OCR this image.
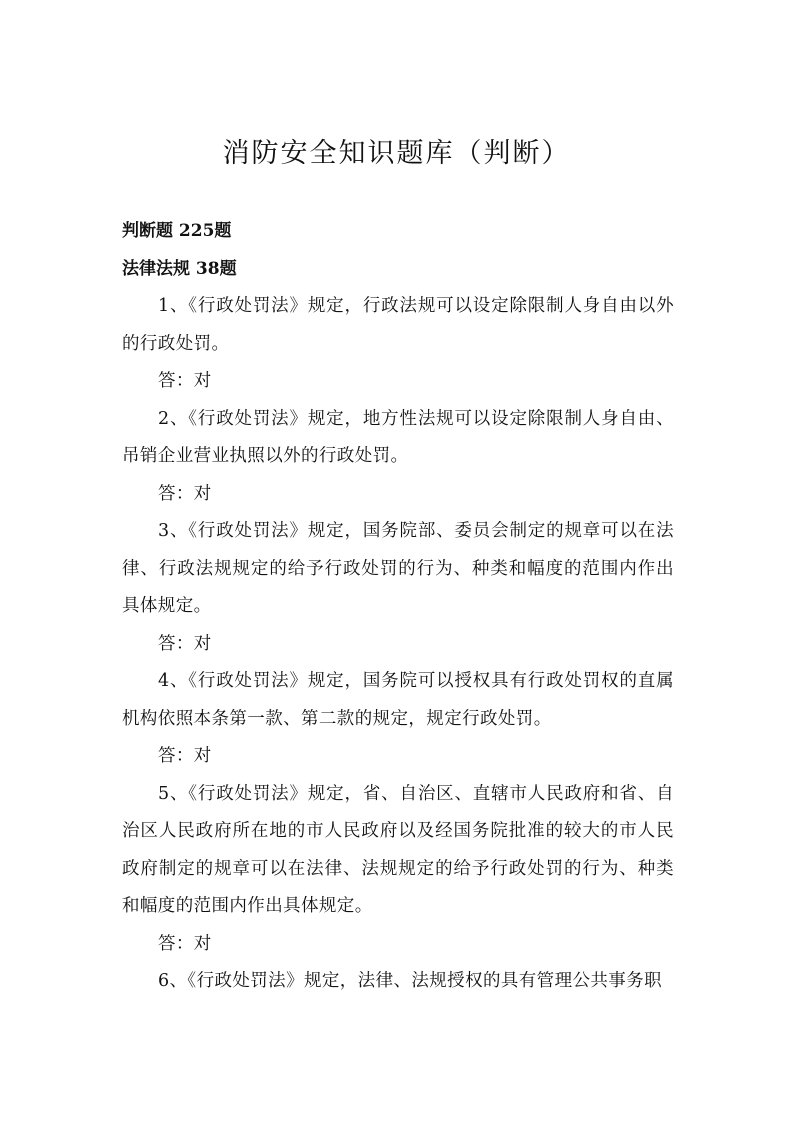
消防安全知识题库（判断）
判断题 225题
法律法规 38题

1、《行政处罚法》规定，行政法规可以设定除限制人身自由以外的行政处罚。

答：对

2、《行政处罚法》规定，地方性法规可以设定除限制人身自由、吊销企业营业执照以外的行政处罚。

答：对

3、《行政处罚法》规定，国务院部、委员会制定的规章可以在法律、行政法规规定的给予行政处罚的行为、种类和幅度的范围内作出具体规定。

答：对

4、《行政处罚法》规定，国务院可以授权具有行政处罚权的直属机构依照本条第一款、第二款的规定，规定行政处罚。

答：对

5、《行政处罚法》规定，省、自治区、直辖市人民政府和省、自治区人民政府所在地的市人民政府以及经国务院批准的较大的市人民政府制定的规章可以在法律、法规规定的给予行政处罚的行为、种类和幅度的范围内作出具体规定。

答：对

6、《行政处罚法》规定，法律、法规授权的具有管理公共事务职
